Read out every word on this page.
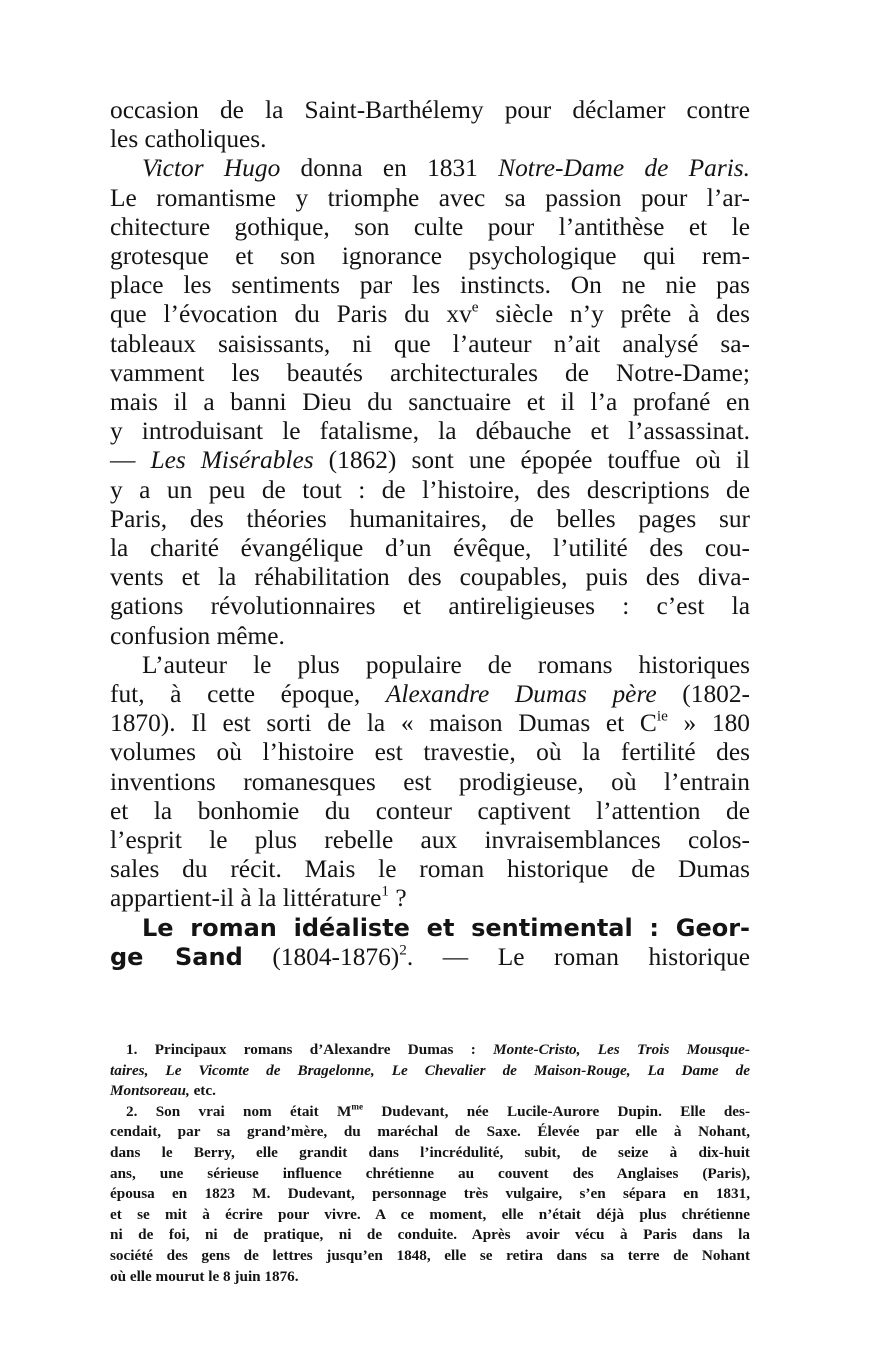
occasion de la Saint-Barthélemy pour déclamer contre
les catholiques.

Victor Hugo donna en 1831 Notre-Dame de Paris.
Le romantisme y triomphe avec sa passion pour l’ar-
chitecture gothique, son culte pour l’antithèse et le
grotesque et son ignorance psychologique qui rem-
place les sentiments par les instincts. On ne nie pas
que l’évocation du Paris du $xv^e$ siècle n’y prête à des
tableaux saisissants, ni que l’auteur n’ait analysé sa-
vamment les beautés architecturales de Notre-Dame;
mais il a banni Dieu du sanctuaire et il l’a profané en
y introduisant le fatalisme, la débauche et l’assassinat.
— Les Misérables (1862) sont une épopée touffue où il
y a un peu de tout : de l’histoire, des descriptions de
Paris, des théories humanitaires, de belles pages sur
la charité évangélique d’un évêque, l’utilité des cou-
vents et la réhabilitation des coupables, puis des diva-
gations révolutionnaires et antireligieuses : c’est la
confusion même.

L’auteur le plus populaire de romans historiques
fut, à cette époque, Alexandre Dumas père (1802-
1870). Il est sorti de la « maison Dumas et $C^{ie}$ » 180
volumes où l’histoire est travestie, où la fertilité des
inventions romanesques est prodigieuse, où l’entrain
et la bonhomie du conteur captivent l’attention de
l’esprit le plus rebelle aux invraisemblances colos-
sales du récit. Mais le roman historique de Dumas
appartient-il à la littérature$^1$ ?

Le roman idéaliste et sentimental : Geor-
ge Sand (1804-1876)$^2$. — Le roman historique

1. Principaux romans d’Alexandre Dumas : Monte-Cristo, Les Trois Mousque-
taires, Le Vicomte de Bragelonne, Le Chevalier de Maison-Rouge, La Dame de
Montsoreau, etc.

2. Son vrai nom était $M^{me}$ Dudevant, née Lucile-Aurore Dupin. Elle des-
cendait, par sa grand’mère, du maréchal de Saxe. Élevée par elle à Nohant,
dans le Berry, elle grandit dans l’incrédulité, subit, de seize à dix-huit
ans, une sérieuse influence chrétienne au couvent des Anglaises (Paris),
épousa en 1823 M. Dudevant, personnage très vulgaire, s’en sépara en 1831,
et se mit à écrire pour vivre. A ce moment, elle n’était déjà plus chrétienne
ni de foi, ni de pratique, ni de conduite. Après avoir vécu à Paris dans la
société des gens de lettres jusqu’en 1848, elle se retira dans sa terre de Nohant
où elle mourut le 8 juin 1876.
